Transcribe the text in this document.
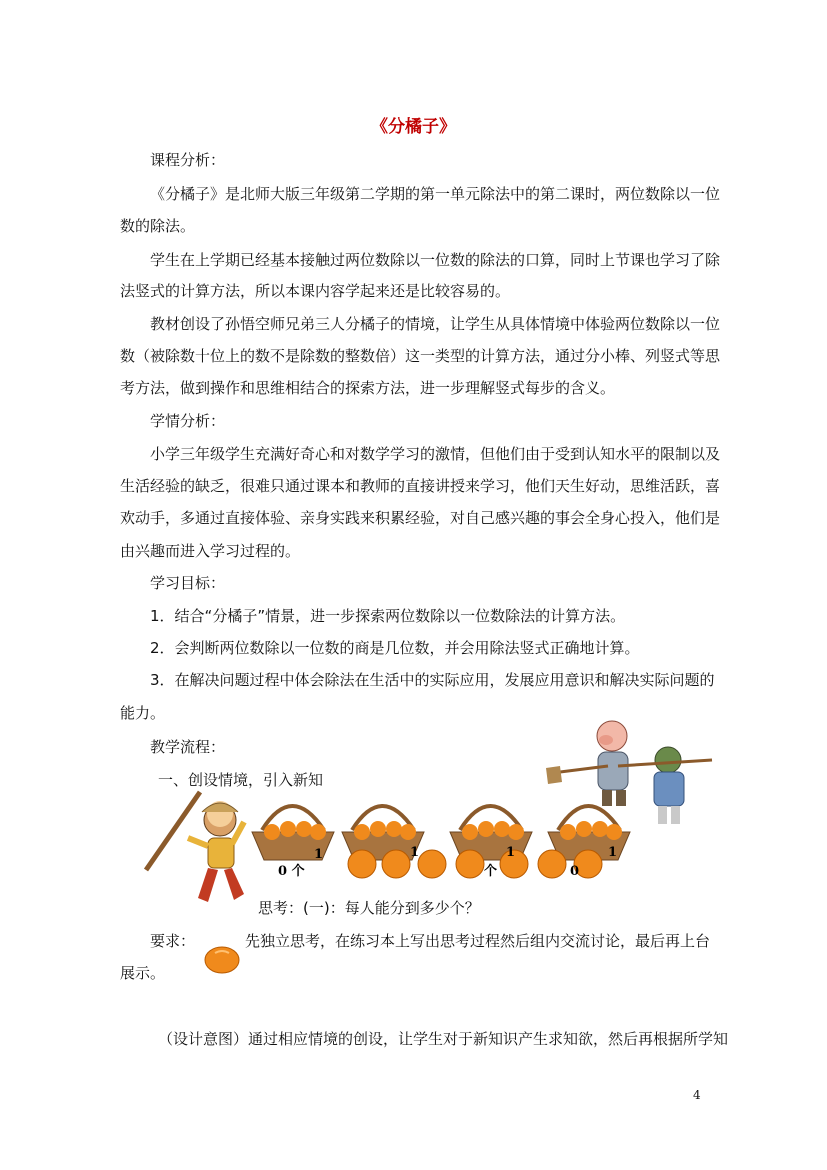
《分橘子》
课程分析：
《分橘子》是北师大版三年级第二学期的第一单元除法中的第二课时，两位数除以一位
数的除法。
学生在上学期已经基本接触过两位数除以一位数的除法的口算，同时上节课也学习了除
法竖式的计算方法，所以本课内容学起来还是比较容易的。
教材创设了孙悟空师兄弟三人分橘子的情境，让学生从具体情境中体验两位数除以一位
数（被除数十位上的数不是除数的整数倍）这一类型的计算方法，通过分小棒、列竖式等思
考方法，做到操作和思维相结合的探索方法，进一步理解竖式每步的含义。
学情分析：
小学三年级学生充满好奇心和对数学学习的激情，但他们由于受到认知水平的限制以及
生活经验的缺乏，很难只通过课本和教师的直接讲授来学习，他们天生好动，思维活跃，喜
欢动手，多通过直接体验、亲身实践来积累经验，对自己感兴趣的事会全身心投入，他们是
由兴趣而进入学习过程的。
学习目标：
1．结合“分橘子”情景，进一步探索两位数除以一位数除法的计算方法。
2．会判断两位数除以一位数的商是几位数，并会用除法竖式正确地计算。
3．在解决问题过程中体会除法在生活中的实际应用，发展应用意识和解决实际问题的
能力。
教学流程：
一、创设情境，引入新知
0 个
1	1	1
个	0
1
思考：(一)：每人能分到多少个？
要求：	先独立思考，在练习本上写出思考过程然后组内交流讨论，最后再上台
展示。
（设计意图）通过相应情境的创设，让学生对于新知识产生求知欲，然后再根据所学知
4
